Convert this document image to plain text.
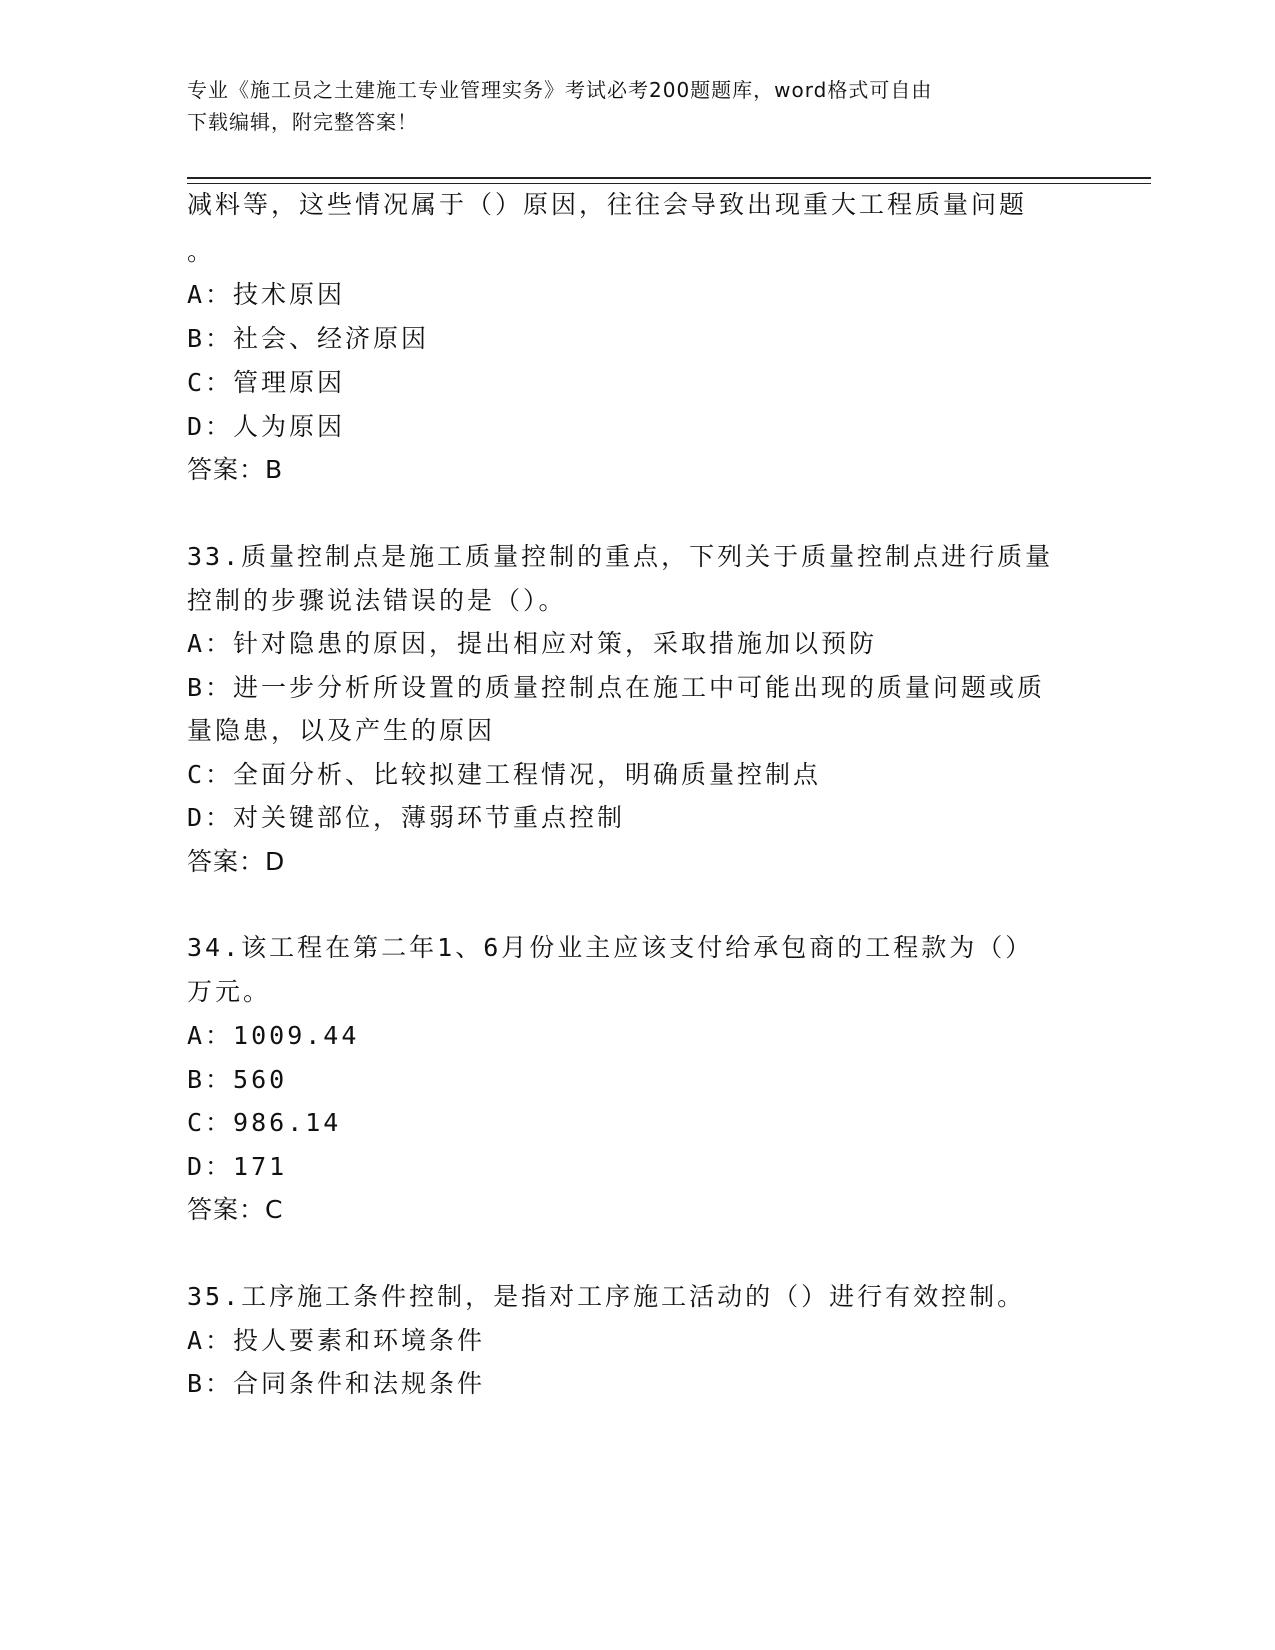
专业《施工员之土建施工专业管理实务》考试必考200题题库，word格式可自由
下载编辑，附完整答案！
减料等，这些情况属于（）原因，往往会导致出现重大工程质量问题
。
A：技术原因
B：社会、经济原因
C：管理原因
D：人为原因
答案：B
33.质量控制点是施工质量控制的重点，下列关于质量控制点进行质量
控制的步骤说法错误的是（）。
A：针对隐患的原因，提出相应对策，采取措施加以预防
B：进一步分析所设置的质量控制点在施工中可能出现的质量问题或质
量隐患，以及产生的原因
C：全面分析、比较拟建工程情况，明确质量控制点
D：对关键部位，薄弱环节重点控制
答案：D
34.该工程在第二年1、6月份业主应该支付给承包商的工程款为（）
万元。
A：1009.44
B：560
C：986.14
D：171
答案：C
35.工序施工条件控制，是指对工序施工活动的（）进行有效控制。
A：投人要素和环境条件
B：合同条件和法规条件
